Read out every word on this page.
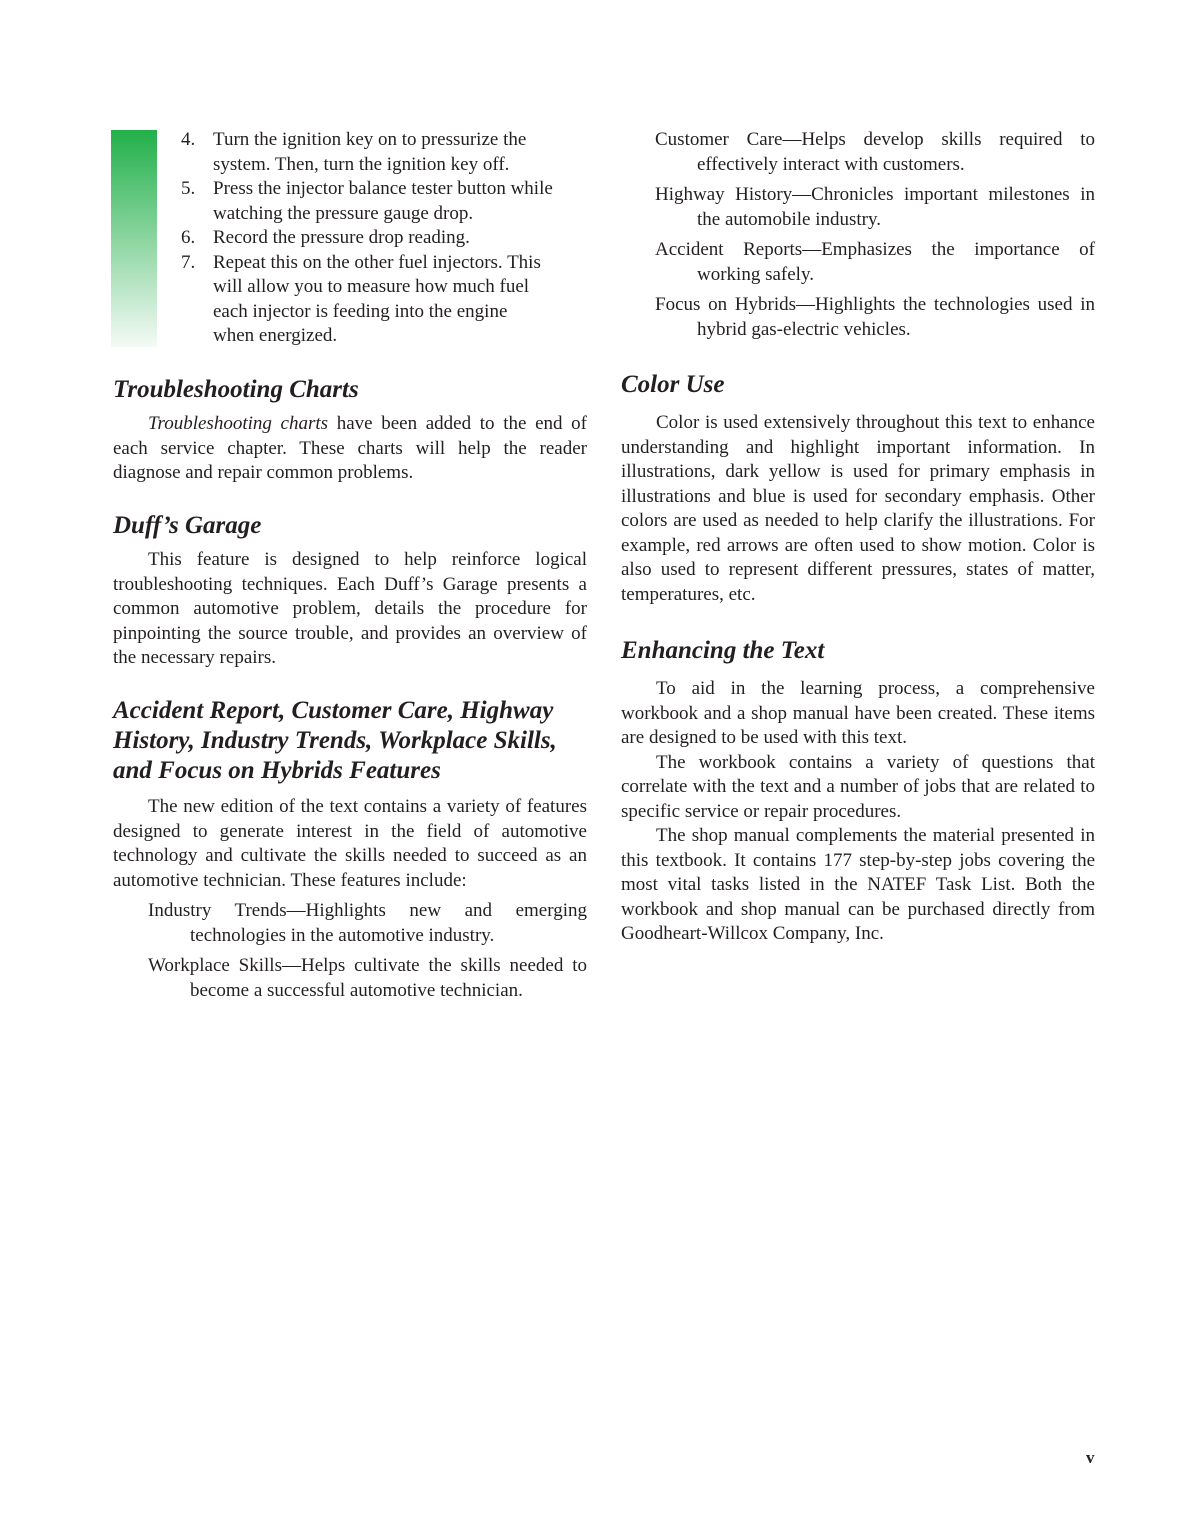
4. Turn the ignition key on to pressurize the system. Then, turn the ignition key off.
5. Press the injector balance tester button while watching the pressure gauge drop.
6. Record the pressure drop reading.
7. Repeat this on the other fuel injectors. This will allow you to measure how much fuel each injector is feeding into the engine when energized.
Troubleshooting Charts

Troubleshooting charts have been added to the end of each service chapter. These charts will help the reader diagnose and repair common problems.

Duff’s Garage

This feature is designed to help reinforce logical troubleshooting techniques. Each Duff’s Garage presents a common automotive problem, details the procedure for pinpointing the source trouble, and provides an overview of the necessary repairs.

Accident Report, Customer Care, Highway History, Industry Trends, Workplace Skills, and Focus on Hybrids Features

The new edition of the text contains a variety of features designed to generate interest in the field of automotive technology and cultivate the skills needed to succeed as an automotive technician. These features include:

Industry Trends—Highlights new and emerging technologies in the automotive industry.
Workplace Skills—Helps cultivate the skills needed to become a successful automotive technician.
Customer Care—Helps develop skills required to effectively interact with customers.
Highway History—Chronicles important milestones in the automobile industry.
Accident Reports—Emphasizes the importance of working safely.
Focus on Hybrids—Highlights the technologies used in hybrid gas-electric vehicles.
Color Use

Color is used extensively throughout this text to enhance understanding and highlight important information. In illustrations, dark yellow is used for primary emphasis in illustrations and blue is used for secondary emphasis. Other colors are used as needed to help clarify the illustrations. For example, red arrows are often used to show motion. Color is also used to represent different pressures, states of matter, temperatures, etc.

Enhancing the Text

To aid in the learning process, a comprehensive workbook and a shop manual have been created. These items are designed to be used with this text.

The workbook contains a variety of questions that correlate with the text and a number of jobs that are related to specific service or repair procedures.

The shop manual complements the material presented in this textbook. It contains 177 step-by-step jobs covering the most vital tasks listed in the NATEF Task List. Both the workbook and shop manual can be purchased directly from Goodheart-Willcox Company, Inc.

v
